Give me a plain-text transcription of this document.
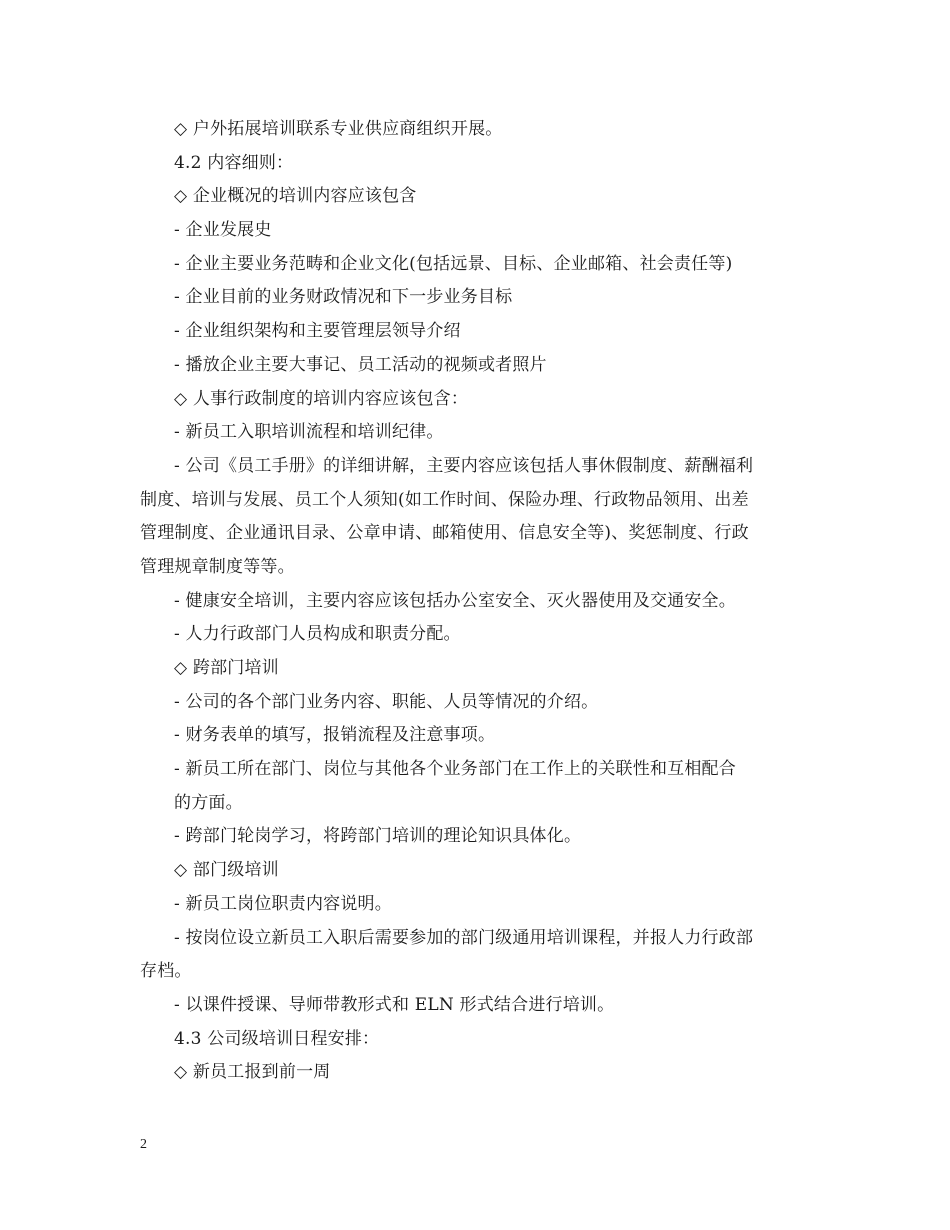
◇ 户外拓展培训联系专业供应商组织开展。
4.2 内容细则：
◇ 企业概况的培训内容应该包含
- 企业发展史
- 企业主要业务范畴和企业文化(包括远景、目标、企业邮箱、社会责任等)
- 企业目前的业务财政情况和下一步业务目标
- 企业组织架构和主要管理层领导介绍
- 播放企业主要大事记、员工活动的视频或者照片
◇ 人事行政制度的培训内容应该包含：
- 新员工入职培训流程和培训纪律。
- 公司《员工手册》的详细讲解，主要内容应该包括人事休假制度、薪酬福利
制度、培训与发展、员工个人须知(如工作时间、保险办理、行政物品领用、出差
管理制度、企业通讯目录、公章申请、邮箱使用、信息安全等)、奖惩制度、行政
管理规章制度等等。
- 健康安全培训，主要内容应该包括办公室安全、灭火器使用及交通安全。
- 人力行政部门人员构成和职责分配。
◇ 跨部门培训
- 公司的各个部门业务内容、职能、人员等情况的介绍。
- 财务表单的填写，报销流程及注意事项。
- 新员工所在部门、岗位与其他各个业务部门在工作上的关联性和互相配合
的方面。
- 跨部门轮岗学习，将跨部门培训的理论知识具体化。
◇ 部门级培训
- 新员工岗位职责内容说明。
- 按岗位设立新员工入职后需要参加的部门级通用培训课程，并报人力行政部
存档。
- 以课件授课、导师带教形式和 ELN 形式结合进行培训。
4.3 公司级培训日程安排：
◇ 新员工报到前一周
2
